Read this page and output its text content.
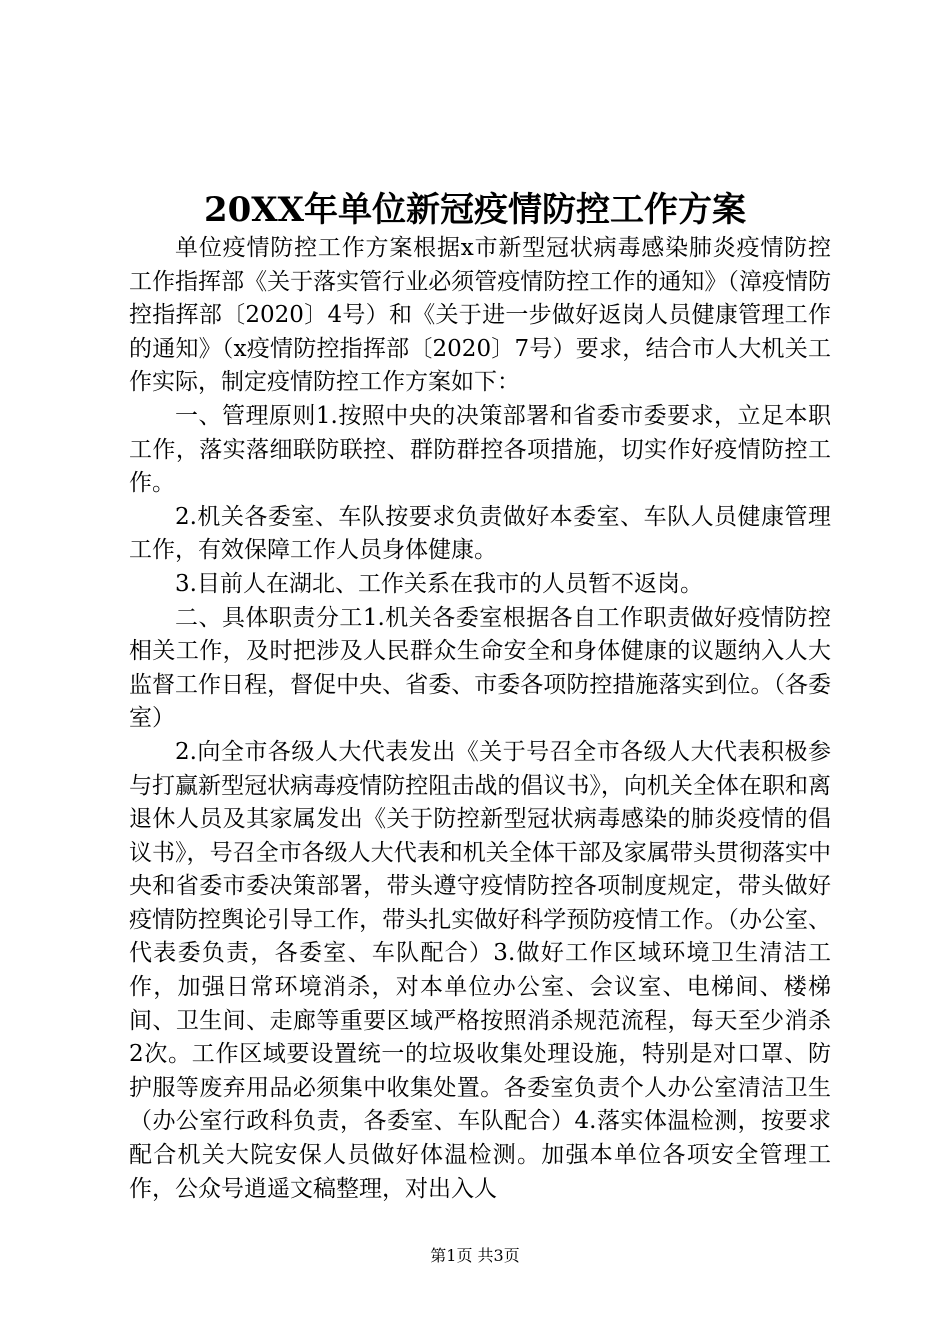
20XX年单位新冠疫情防控工作方案

单位疫情防控工作方案根据x市新型冠状病毒感染肺炎疫情防控工作指挥部《关于落实管行业必须管疫情防控工作的通知》（漳疫情防控指挥部〔2020〕4号）和《关于进一步做好返岗人员健康管理工作的通知》（x疫情防控指挥部〔2020〕7号）要求，结合市人大机关工作实际，制定疫情防控工作方案如下：

一、管理原则1.按照中央的决策部署和省委市委要求，立足本职工作，落实落细联防联控、群防群控各项措施，切实作好疫情防控工作。

2.机关各委室、车队按要求负责做好本委室、车队人员健康管理工作，有效保障工作人员身体健康。

3.目前人在湖北、工作关系在我市的人员暂不返岗。

二、具体职责分工1.机关各委室根据各自工作职责做好疫情防控相关工作，及时把涉及人民群众生命安全和身体健康的议题纳入人大监督工作日程，督促中央、省委、市委各项防控措施落实到位。（各委室）

2.向全市各级人大代表发出《关于号召全市各级人大代表积极参与打赢新型冠状病毒疫情防控阻击战的倡议书》，向机关全体在职和离退休人员及其家属发出《关于防控新型冠状病毒感染的肺炎疫情的倡议书》，号召全市各级人大代表和机关全体干部及家属带头贯彻落实中央和省委市委决策部署，带头遵守疫情防控各项制度规定，带头做好疫情防控舆论引导工作，带头扎实做好科学预防疫情工作。（办公室、代表委负责，各委室、车队配合）3.做好工作区域环境卫生清洁工作，加强日常环境消杀，对本单位办公室、会议室、电梯间、楼梯间、卫生间、走廊等重要区域严格按照消杀规范流程，每天至少消杀2次。工作区域要设置统一的垃圾收集处理设施，特别是对口罩、防护服等废弃用品必须集中收集处置。各委室负责个人办公室清洁卫生（办公室行政科负责，各委室、车队配合）4.落实体温检测，按要求配合机关大院安保人员做好体温检测。加强本单位各项安全管理工作，公众号逍遥文稿整理，对出入人

第1页 共3页
